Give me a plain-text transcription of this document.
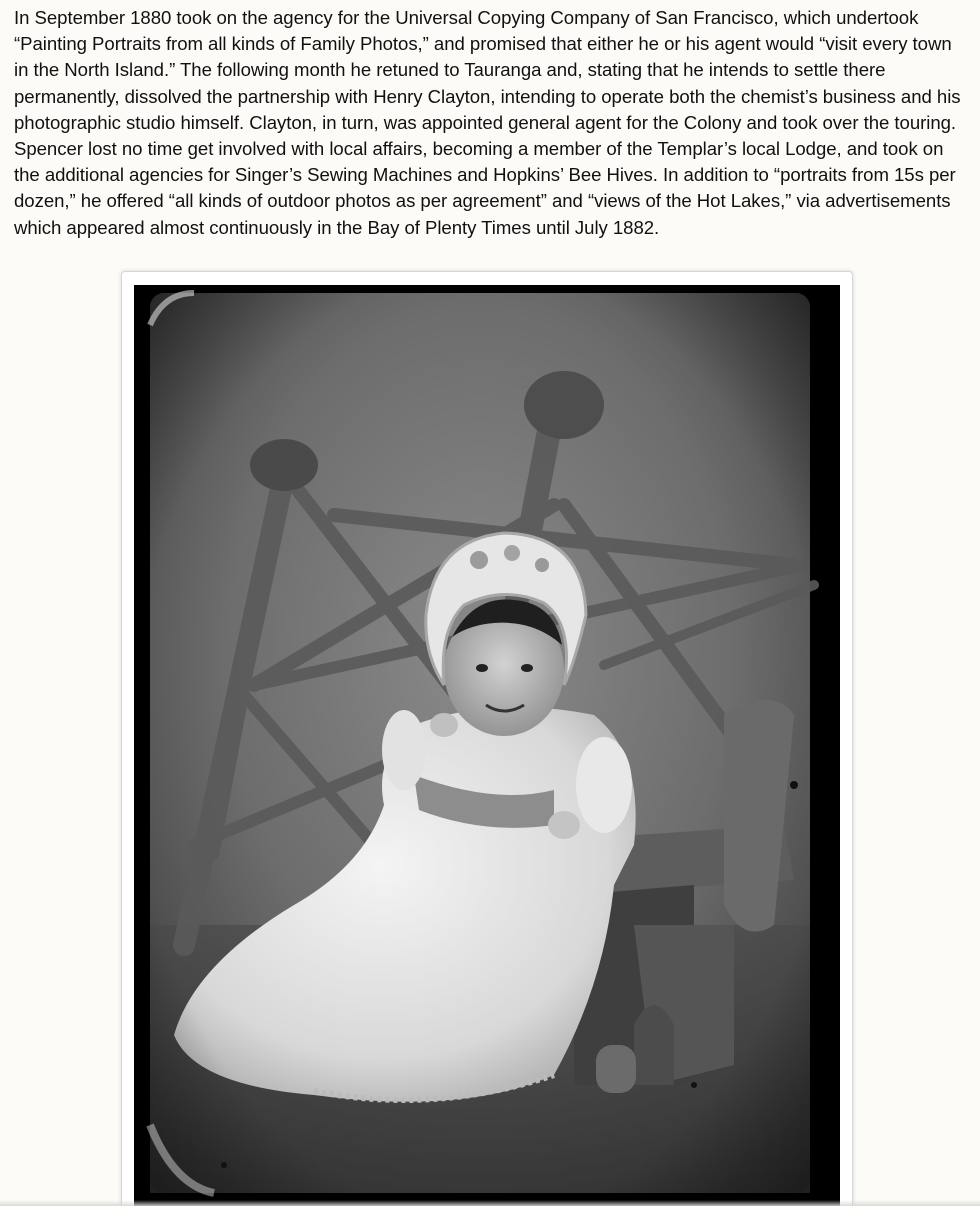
In September 1880 took on the agency for the Universal Copying Company of San Francisco, which undertook “Painting Portraits from all kinds of Family Photos,” and promised that either he or his agent would “visit every town in the North Island.” The following month he retuned to Tauranga and, stating that he intends to settle there permanently, dissolved the partnership with Henry Clayton, intending to operate both the chemist’s business and his photographic studio himself. Clayton, in turn, was appointed general agent for the Colony and took over the touring. Spencer lost no time get involved with local affairs, becoming a member of the Templar’s local Lodge, and took on the additional agencies for Singer’s Sewing Machines and Hopkins’ Bee Hives. In addition to “portraits from 15s per dozen,” he offered “all kinds of outdoor photos as per agreement” and “views of the Hot Lakes,” via advertisements which appeared almost continuously in the Bay of Plenty Times until July 1882.
